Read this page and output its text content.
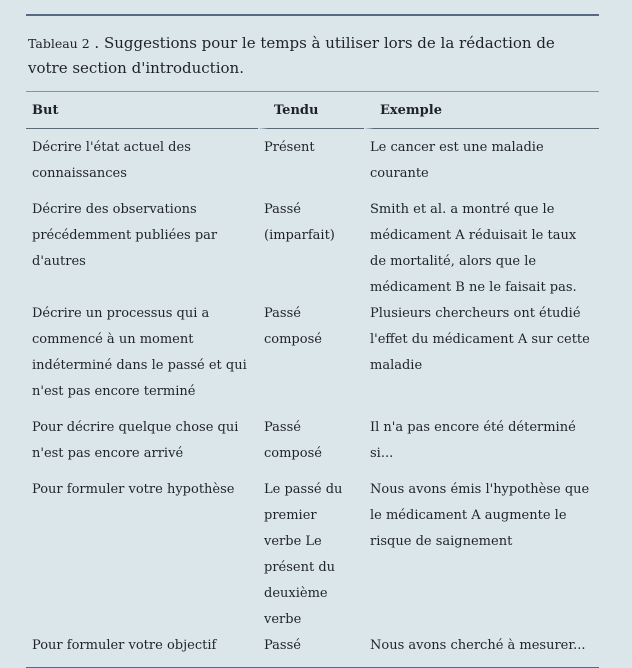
Tableau 2 . Suggestions pour le temps à utiliser lors de la rédaction de votre section d'introduction.
But	Tendu	Exemple
Décrire l'état actuel des connaissances	Présent	Le cancer est une maladie courante
Décrire des observations précédemment publiées par d'autres	Passé (imparfait)	Smith et al. a montré que le médicament A réduisait le taux de mortalité, alors que le médicament B ne le faisait pas.
Décrire un processus qui a commencé à un moment indéterminé dans le passé et qui n'est pas encore terminé	Passé composé	Plusieurs chercheurs ont étudié l'effet du médicament A sur cette maladie
Pour décrire quelque chose qui n'est pas encore arrivé	Passé composé	Il n'a pas encore été déterminé si...
Pour formuler votre hypothèse	Le passé du premier verbe Le présent du deuxième verbe	Nous avons émis l'hypothèse que le médicament A augmente le risque de saignement
Pour formuler votre objectif	Passé	Nous avons cherché à mesurer...
